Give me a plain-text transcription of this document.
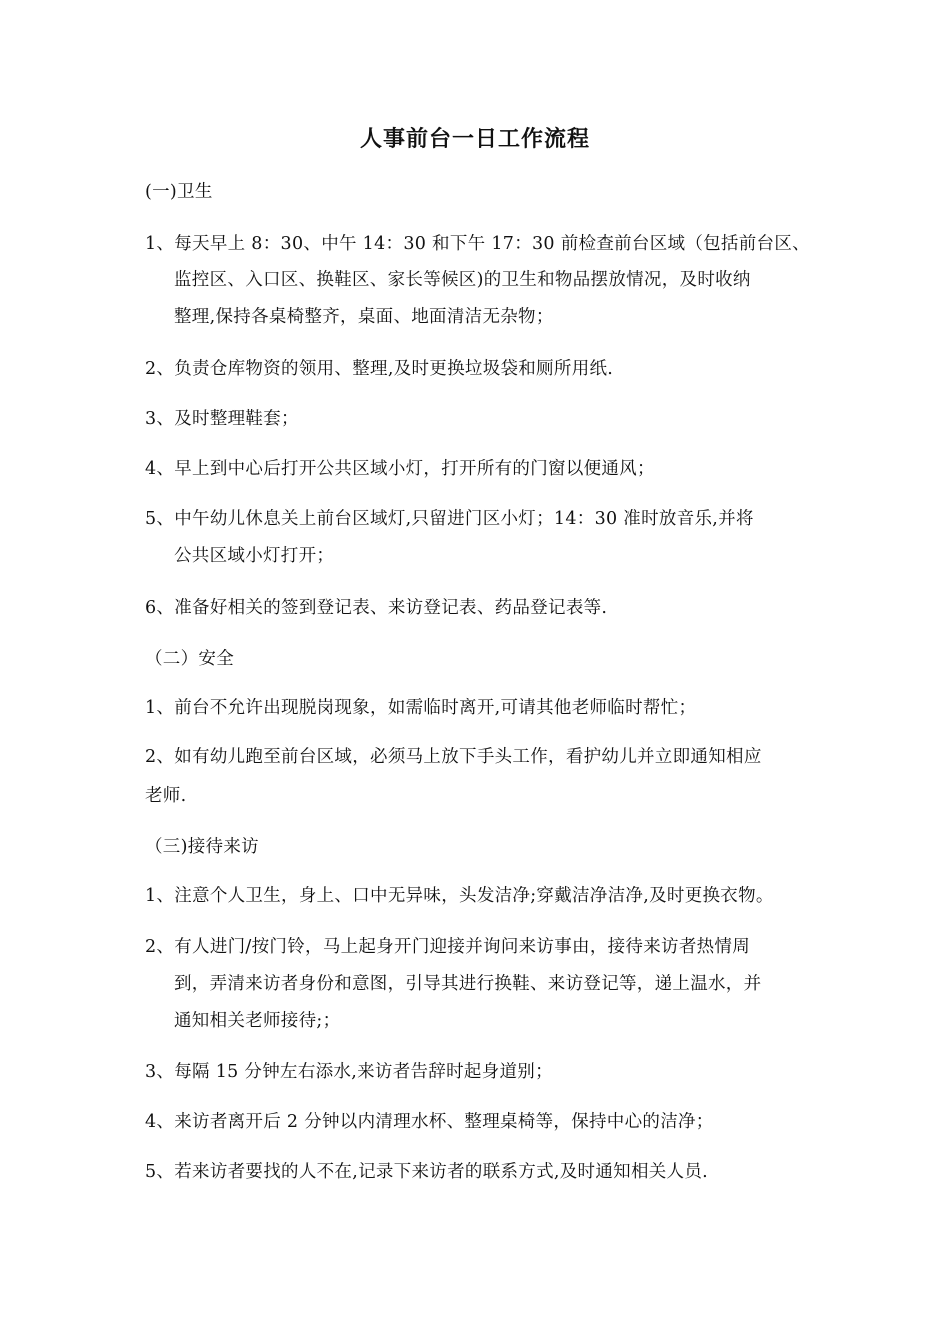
人事前台一日工作流程
(一)卫生
1、每天早上 8：30、中午 14：30 和下午 17：30 前检查前台区域（包括前台区、
监控区、入口区、换鞋区、家长等候区)的卫生和物品摆放情况，及时收纳
整理,保持各桌椅整齐，桌面、地面清洁无杂物；
2、负责仓库物资的领用、整理,及时更换垃圾袋和厕所用纸.
3、及时整理鞋套；
4、早上到中心后打开公共区域小灯，打开所有的门窗以便通风；
5、中午幼儿休息关上前台区域灯,只留进门区小灯；14：30 准时放音乐,并将
公共区域小灯打开；
6、准备好相关的签到登记表、来访登记表、药品登记表等.
（二）安全
1、前台不允许出现脱岗现象，如需临时离开,可请其他老师临时帮忙；
2、如有幼儿跑至前台区域，必须马上放下手头工作，看护幼儿并立即通知相应
老师.
（三)接待来访
1、注意个人卫生，身上、口中无异味，头发洁净;穿戴洁净洁净,及时更换衣物。
2、有人进门/按门铃，马上起身开门迎接并询问来访事由，接待来访者热情周
到，弄清来访者身份和意图，引导其进行换鞋、来访登记等，递上温水，并
通知相关老师接待;；
3、每隔 15 分钟左右添水,来访者告辞时起身道别；
4、来访者离开后 2 分钟以内清理水杯、整理桌椅等，保持中心的洁净；
5、若来访者要找的人不在,记录下来访者的联系方式,及时通知相关人员.
